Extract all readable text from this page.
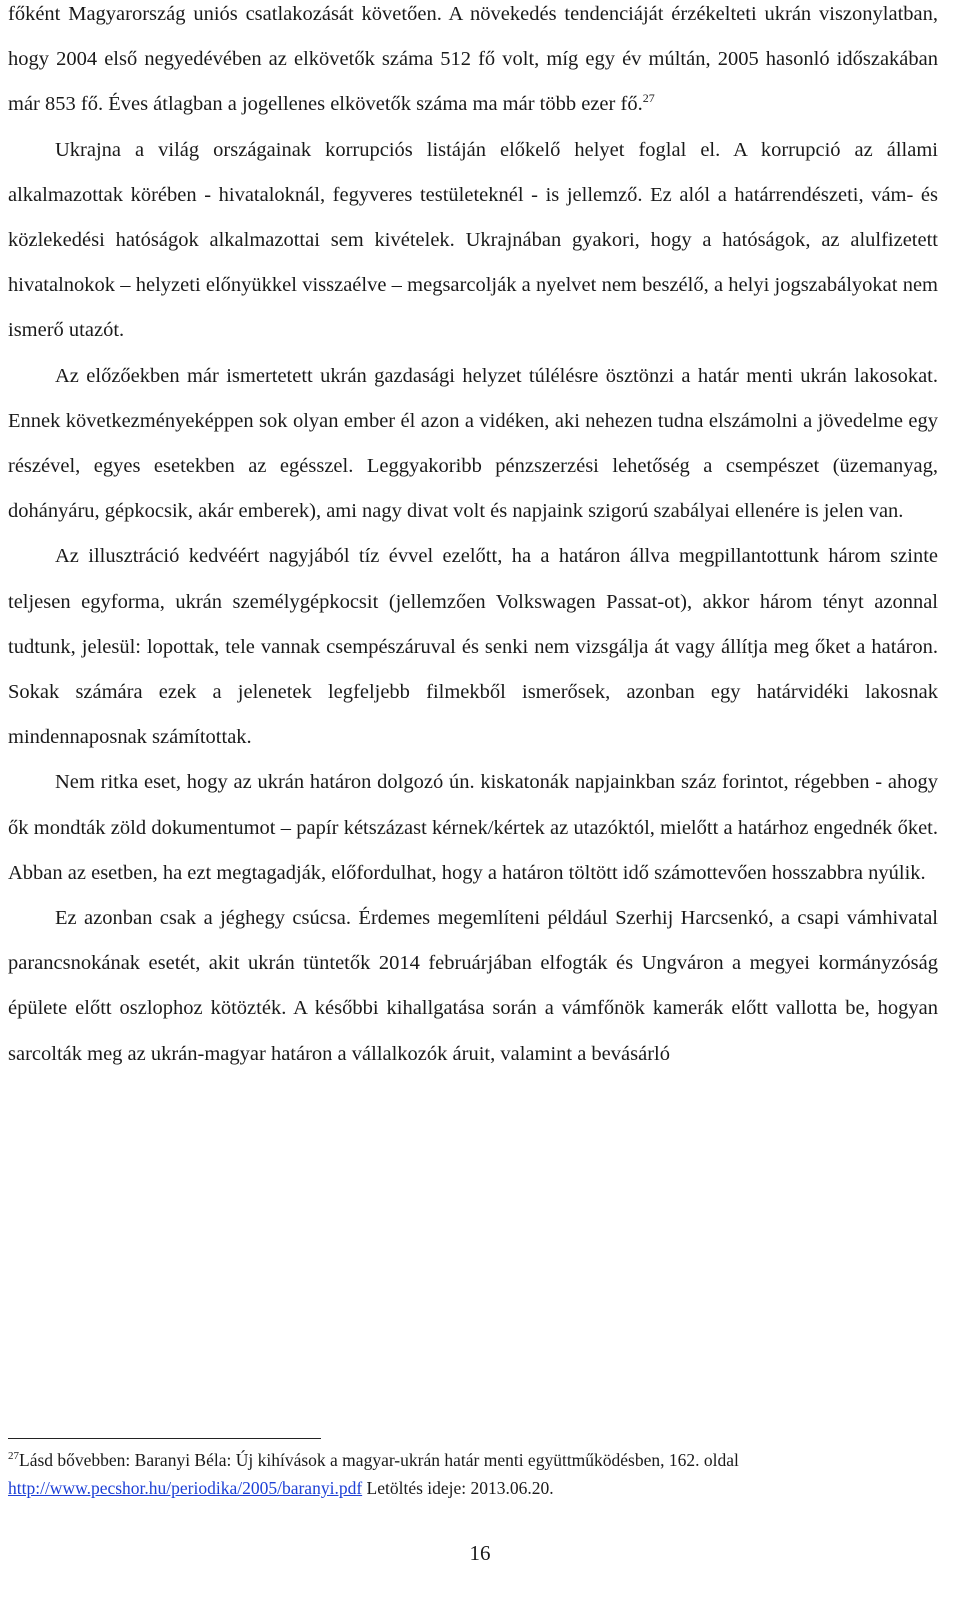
főként Magyarország uniós csatlakozását követően. A növekedés tendenciáját érzékelteti ukrán viszonylatban, hogy 2004 első negyedévében az elkövetők száma 512 fő volt, míg egy év múltán, 2005 hasonló időszakában már 853 fő. Éves átlagban a jogellenes elkövetők száma ma már több ezer fő.$^{27}$

Ukrajna a világ országainak korrupciós listáján előkelő helyet foglal el. A korrupció az állami alkalmazottak körében - hivataloknál, fegyveres testületeknél - is jellemző. Ez alól a határrendészeti, vám- és közlekedési hatóságok alkalmazottai sem kivételek. Ukrajnában gyakori, hogy a hatóságok, az alulfizetett hivatalnokok – helyzeti előnyükkel visszaélve – megsarcolják a nyelvet nem beszélő, a helyi jogszabályokat nem ismerő utazót.

Az előzőekben már ismertetett ukrán gazdasági helyzet túlélésre ösztönzi a határ menti ukrán lakosokat. Ennek következményeképpen sok olyan ember él azon a vidéken, aki nehezen tudna elszámolni a jövedelme egy részével, egyes esetekben az egésszel. Leggyakoribb pénzszerzési lehetőség a csempészet (üzemanyag, dohányáru, gépkocsik, akár emberek), ami nagy divat volt és napjaink szigorú szabályai ellenére is jelen van.

Az illusztráció kedvéért nagyjából tíz évvel ezelőtt, ha a határon állva megpillantottunk három szinte teljesen egyforma, ukrán személygépkocsit (jellemzően Volkswagen Passat-ot), akkor három tényt azonnal tudtunk, jelesül: lopottak, tele vannak csempészáruval és senki nem vizsgálja át vagy állítja meg őket a határon. Sokak számára ezek a jelenetek legfeljebb filmekből ismerősek, azonban egy határvidéki lakosnak mindennaposnak számítottak.

Nem ritka eset, hogy az ukrán határon dolgozó ún. kiskatonák napjainkban száz forintot, régebben - ahogy ők mondták zöld dokumentumot – papír kétszázast kérnek/kértek az utazóktól, mielőtt a határhoz engednék őket. Abban az esetben, ha ezt megtagadják, előfordulhat, hogy a határon töltött idő számottevően hosszabbra nyúlik.

Ez azonban csak a jéghegy csúcsa. Érdemes megemlíteni például Szerhij Harcsenkó, a csapi vámhivatal parancsnokának esetét, akit ukrán tüntetők 2014 februárjában elfogták és Ungváron a megyei kormányzóság épülete előtt oszlophoz kötözték. A későbbi kihallgatása során a vámfőnök kamerák előtt vallotta be, hogyan sarcolták meg az ukrán-magyar határon a vállalkozók áruit, valamint a bevásárló

$^{27}$Lásd bővebben: Baranyi Béla: Új kihívások a magyar-ukrán határ menti együttműködésben, 162. oldal
http://www.pecshor.hu/periodika/2005/baranyi.pdf Letöltés ideje: 2013.06.20.
16
